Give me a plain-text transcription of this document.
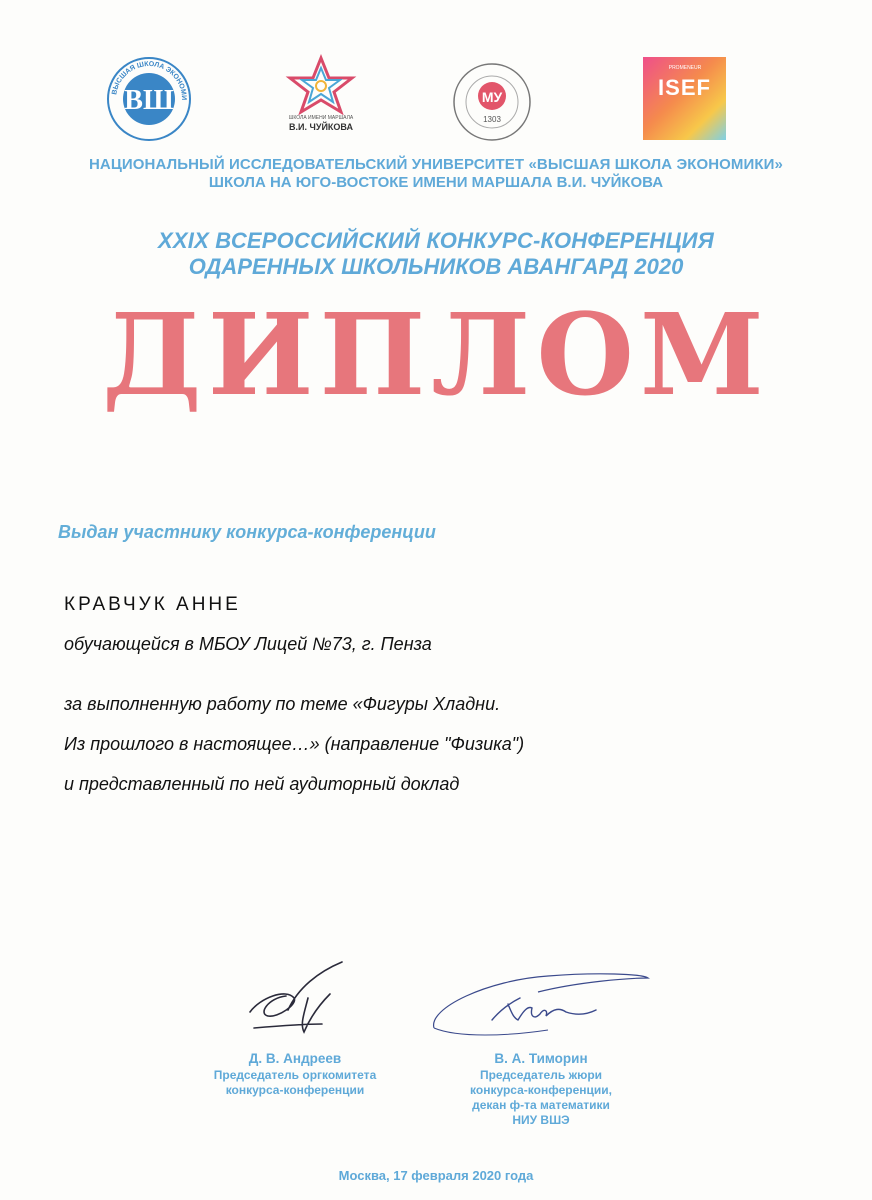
ВШ
ВЫСШАЯ ШКОЛА ЭКОНОМИ
ШКОЛА ИМЕНИ МАРШАЛА
В.И. ЧУЙКОВА
МУ
1303
PROMENEUR
ISEF
НАЦИОНАЛЬНЫЙ ИССЛЕДОВАТЕЛЬСКИЙ УНИВЕРСИТЕТ «ВЫСШАЯ ШКОЛА ЭКОНОМИКИ»
ШКОЛА НА ЮГО-ВОСТОКЕ ИМЕНИ МАРШАЛА В.И. ЧУЙКОВА
XXIX ВСЕРОССИЙСКИЙ КОНКУРС-КОНФЕРЕНЦИЯ
ОДАРЕННЫХ ШКОЛЬНИКОВ АВАНГАРД 2020
ДИПЛОМ
Выдан участнику конкурса-конференции
КРАВЧУК АННЕ
обучающейся в МБОУ Лицей №73, г. Пенза
за выполненную работу по теме «Фигуры Хладни.
Из прошлого в настоящее…» (направление "Физика")
и представленный по ней аудиторный доклад
Д. В. Андреев
Председатель оргкомитета
конкурса-конференции
В. А. Тиморин
Председатель жюри
конкурса-конференции,
декан ф-та математики
НИУ ВШЭ
Москва, 17 февраля 2020 года
